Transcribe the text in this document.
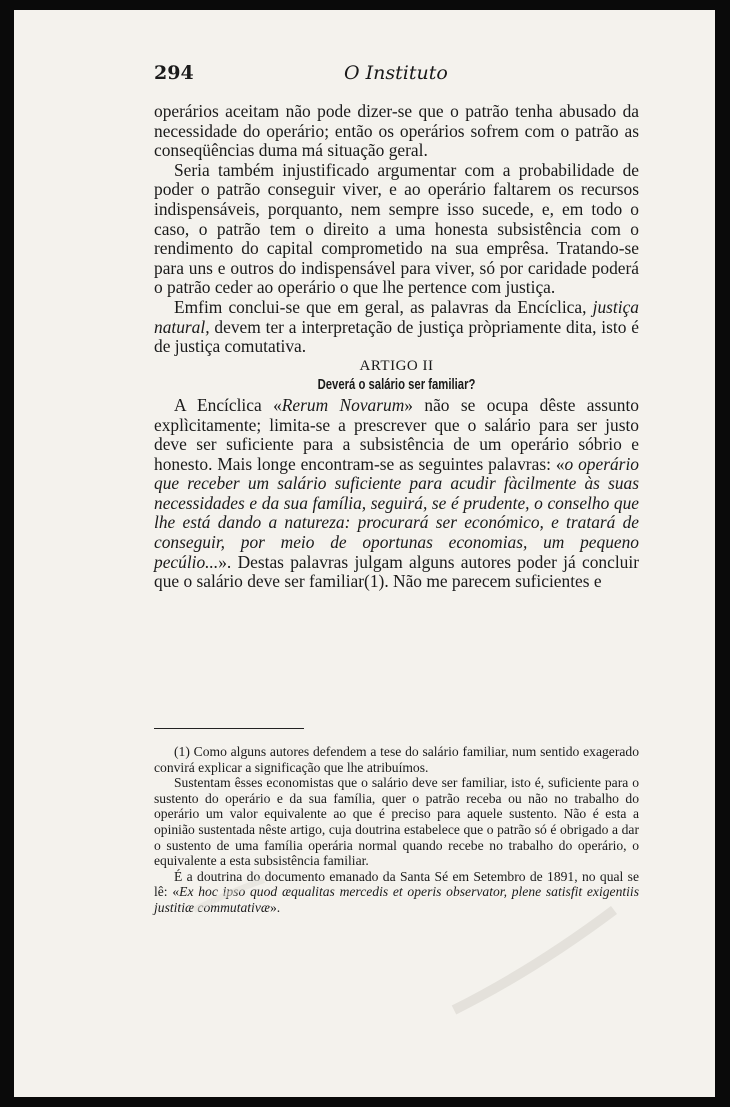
294	O Instituto

operários aceitam não pode dizer-se que o patrão tenha abusado da necessidade do operário; então os operários sofrem com o patrão as conseqüências duma má situação geral.

Seria também injustificado argumentar com a probabilidade de poder o patrão conseguir viver, e ao operário faltarem os recursos indispensáveis, porquanto, nem sempre isso sucede, e, em todo o caso, o patrão tem o direito a uma honesta subsistência com o rendimento do capital comprometido na sua emprêsa. Tratando-se para uns e outros do indispensável para viver, só por caridade poderá o patrão ceder ao operário o que lhe pertence com justiça.

Emfim conclui-se que em geral, as palavras da Encíclica, justiça natural, devem ter a interpretação de justiça pròpriamente dita, isto é de justiça comutativa.

ARTIGO II

Deverá o salário ser familiar?

A Encíclica «Rerum Novarum» não se ocupa dêste assunto explìcitamente; limita-se a prescrever que o salário para ser justo deve ser suficiente para a subsistência de um operário sóbrio e honesto. Mais longe encontram-se as seguintes palavras: «o operário que receber um salário suficiente para acudir fàcilmente às suas necessidades e da sua família, seguirá, se é prudente, o conselho que lhe está dando a natureza: procurará ser económico, e tratará de conseguir, por meio de oportunas economias, um pequeno pecúlio...». Destas palavras julgam alguns autores poder já concluir que o salário deve ser familiar(1). Não me parecem suficientes e

(1) Como alguns autores defendem a tese do salário familiar, num sentido exagerado convirá explicar a significação que lhe atribuímos.

Sustentam êsses economistas que o salário deve ser familiar, isto é, suficiente para o sustento do operário e da sua família, quer o patrão receba ou não no trabalho do operário um valor equivalente ao que é preciso para aquele sustento. Não é esta a opinião sustentada nêste artigo, cuja doutrina estabelece que o patrão só é obrigado a dar o sustento de uma família operária normal quando recebe no trabalho do operário, o equivalente a esta subsistência familiar.

É a doutrina do documento emanado da Santa Sé em Setembro de 1891, no qual se lê: «Ex hoc ipso quod æqualitas mercedis et operis observator, plene satisfit exigentiis justitiæ commutativæ».
